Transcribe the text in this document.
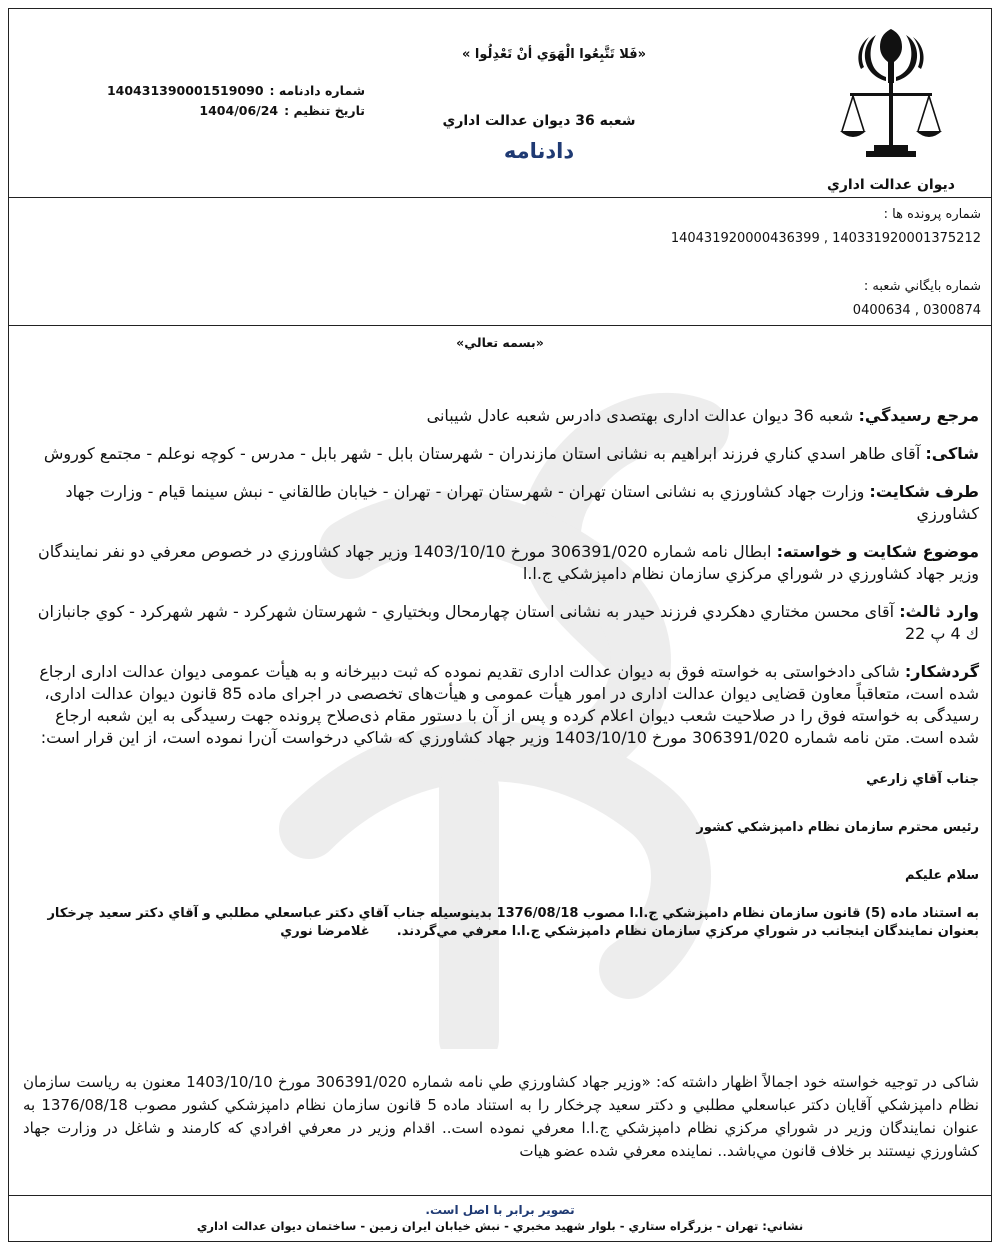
ديوان عدالت اداري
«فَلا تَتَّبِعُوا الْهَوَي أنْ تَعْدِلُوا »
شعبه 36 ديوان عدالت اداري
دادنامه
شماره دادنامه :
140431390001519090
تاريخ تنظيم :
1404/06/24
شماره پرونده ها :
140431920000436399 , 140331920001375212
شماره بايگاني شعبه :
0400634 , 0300874
«بسمه تعالي»

مرجع رسيدگي: شعبه 36 ديوان عدالت اداری بهتصدی دادرس شعبه عادل شيبانی

شاکی: آقای طاهر اسدي کناري فرزند ابراهيم به نشانی استان مازندران - شهرستان بابل - شهر بابل - مدرس - کوچه نوعلم - مجتمع کوروش

طرف شکايت: وزارت جهاد کشاورزي به نشانی استان تهران - شهرستان تهران - تهران - خيابان طالقاني - نبش سينما قيام - وزارت جهاد کشاورزي

موضوع شکايت و خواسته: ابطال نامه شماره 306391/020 مورخ 1403/10/10 وزير جهاد کشاورزي در خصوص معرفي دو نفر نمايندگان وزير جهاد کشاورزي در شوراي مرکزي سازمان نظام دامپزشکي ج.ا.ا

وارد ثالث: آقای محسن مختاري دهکردي فرزند حيدر به نشانی استان چهارمحال وبختياري - شهرستان شهرکرد - شهر شهرکرد - کوي جانبازان ك 4 پ 22

گردشکار: شاکی دادخواستی به خواسته فوق به ديوان عدالت اداری تقديم نموده که ثبت دبيرخانه و به هيأت عمومی ديوان عدالت اداری ارجاع شده است، متعاقباً معاون قضايی ديوان عدالت اداری در امور هيأت عمومی و هيأت‌های تخصصی در اجرای ماده 85 قانون ديوان عدالت اداری، رسيدگی به خواسته فوق را در صلاحيت شعب ديوان اعلام کرده و پس از آن با دستور مقام ذی‌صلاح پرونده جهت رسيدگی به اين شعبه ارجاع شده است. متن نامه شماره 306391/020 مورخ 1403/10/10 وزير جهاد کشاورزي که شاکي درخواست آن‌را نموده است، از اين قرار است:

جناب آقاي زارعي

رئيس محترم سازمان نظام دامپزشکي کشور

سلام عليکم

به استناد ماده (5) قانون سازمان نظام دامپزشکي ج.ا.ا مصوب 1376/08/18 بدينوسيله جناب آقاي دکتر عباسعلي مطلبي و آقاي دکتر سعيد چرخکار بعنوان نمايندگان اينجانب در شوراي مرکزي سازمان نظام دامپزشکي ج.ا.ا معرفي مي‌گردند.      غلامرضا نوري

شاکی در توجيه خواسته خود اجمالاً اظهار داشته که: «وزير جهاد کشاورزي طي نامه شماره 306391/020 مورخ 1403/10/10 معنون به رياست سازمان نظام دامپزشکي آقايان دکتر عباسعلي مطلبي و دکتر سعيد چرخکار را به استناد ماده 5 قانون سازمان نظام دامپزشکي کشور مصوب 1376/08/18 به عنوان نمايندگان وزير در شوراي مرکزي نظام دامپزشکي ج.ا.ا معرفي نموده است.. اقدام وزير در معرفي افرادي که کارمند و شاغل در وزارت جهاد کشاورزي نيستند بر خلاف قانون مي‌باشد.. نماينده معرفي شده عضو هيات
تصوير برابر با اصل است.
نشاني: تهران - بزرگراه ستاري - بلوار شهيد مخبري - نبش خيابان ايران زمين - ساختمان ديوان عدالت اداري
